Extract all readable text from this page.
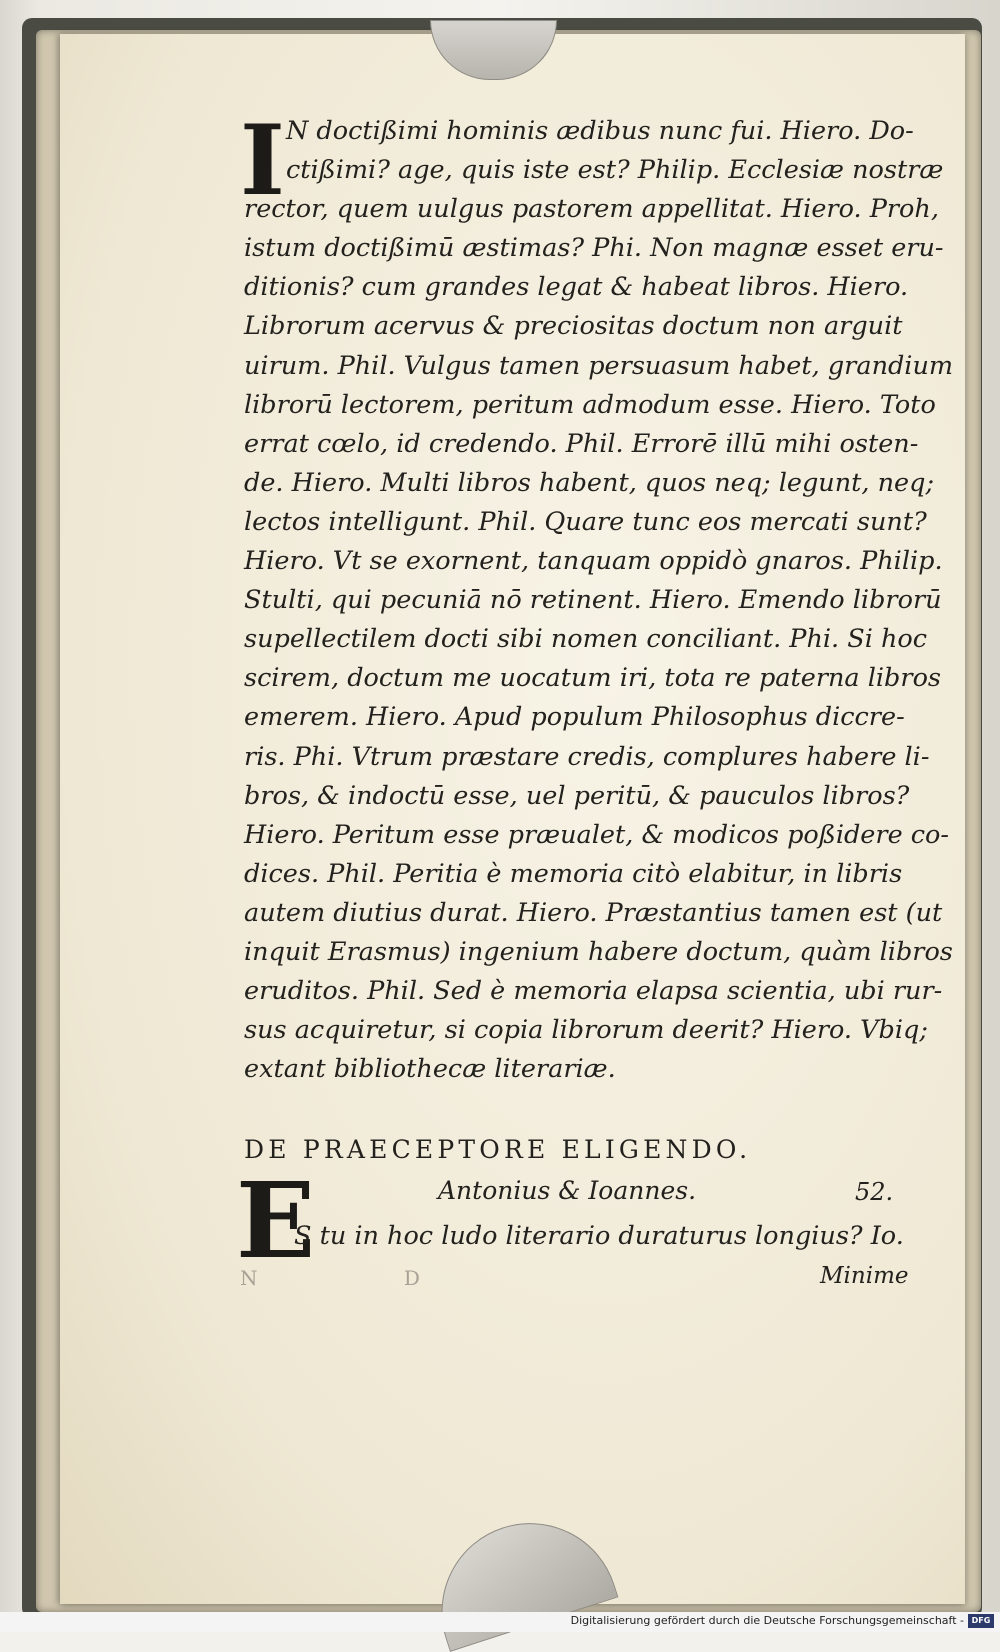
I N doctißimi hominis ædibus nunc fui. Hiero. Do-
ctißimi? age, quis iste est? Philip. Ecclesiæ nostræ
rector, quem uulgus pastorem appellitat. Hiero. Proh,
istum doctißimū æstimas? Phi. Non magnæ esset eru-
ditionis? cum grandes legat & habeat libros. Hiero.
Librorum acervus & preciositas doctum non arguit
uirum. Phil. Vulgus tamen persuasum habet, grandium
librorū lectorem, peritum admodum esse. Hiero. Toto
errat cœlo, id credendo. Phil. Errorē illū mihi osten-
de. Hiero. Multi libros habent, quos neq; legunt, neq;
lectos intelligunt. Phil. Quare tunc eos mercati sunt?
Hiero. Vt se exornent, tanquam oppidò gnaros. Philip.
Stulti, qui pecuniā nō retinent. Hiero. Emendo librorū
supellectilem docti sibi nomen conciliant. Phi. Si hoc
scirem, doctum me uocatum iri, tota re paterna libros
emerem. Hiero. Apud populum Philosophus diccre-
ris. Phi. Vtrum præstare credis, complures habere li-
bros, & indoctū esse, uel peritū, & pauculos libros?
Hiero. Peritum esse præualet, & modicos poßidere co-
dices. Phil. Peritia è memoria citò elabitur, in libris
autem diutius durat. Hiero. Præstantius tamen est (ut
inquit Erasmus) ingenium habere doctum, quàm libros
eruditos. Phil. Sed è memoria elapsa scientia, ubi rur-
sus acquiretur, si copia librorum deerit? Hiero. Vbiq;
extant bibliothecæ literariæ.
DE PRAECEPTORE ELIGENDO.
E	Antonius & Ioannes.	52.
S tu in hoc ludo literario duraturus longius? Io.
Minime
N D
Digitalisierung gefördert durch die Deutsche Forschungsgemeinschaft - DFG
